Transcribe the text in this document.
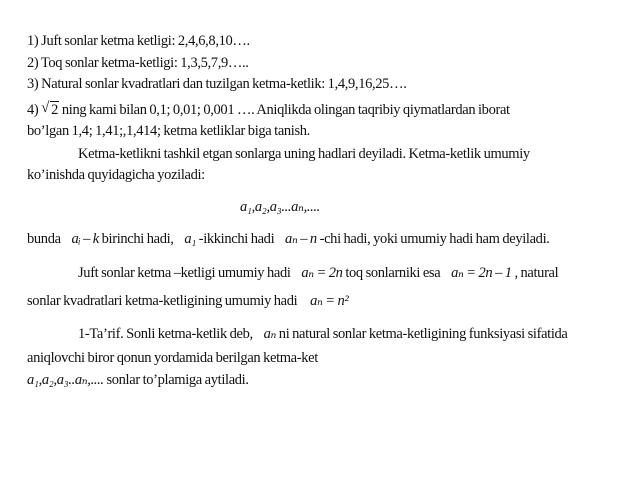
1) Juft sonlar ketma ketligi: 2,4,6,8,10….
2) Toq sonlar ketma-ketligi: 1,3,5,7,9…..
3) Natural sonlar kvadratlari dan tuzilgan ketma-ketlik: 1,4,9,16,25….
4) √ 2 ning kami bilan 0,1; 0,01; 0,001 …. Aniqlikda olingan taqribiy qiymatlardan iborat
bo’lgan 1,4; 1,41;,1,414; ketma ketliklar biga tanish.
Ketma-ketlikni tashkil etgan sonlarga uning hadlari deyiladi. Ketma-ketlik umumiy
ko’inishda quyidagicha yoziladi:
a₁,a₂,a₃...aₙ,....
bunda aᵢ – k birinchi hadi, a₁ -ikkinchi hadi aₙ – n -chi hadi, yoki umumiy hadi ham deyiladi.
Juft sonlar ketma –ketligi umumiy hadi aₙ = 2n toq sonlarniki esa aₙ = 2n – 1 , natural
sonlar kvadratlari ketma-ketligining umumiy hadi aₙ = n²
1-Ta’rif. Sonli ketma-ketlik deb, aₙ ni natural sonlar ketma-ketligining funksiyasi sifatida
aniqlovchi biror qonun yordamida berilgan ketma-ket
a₁,a₂,a₃..aₙ,.... sonlar to’plamiga aytiladi.
